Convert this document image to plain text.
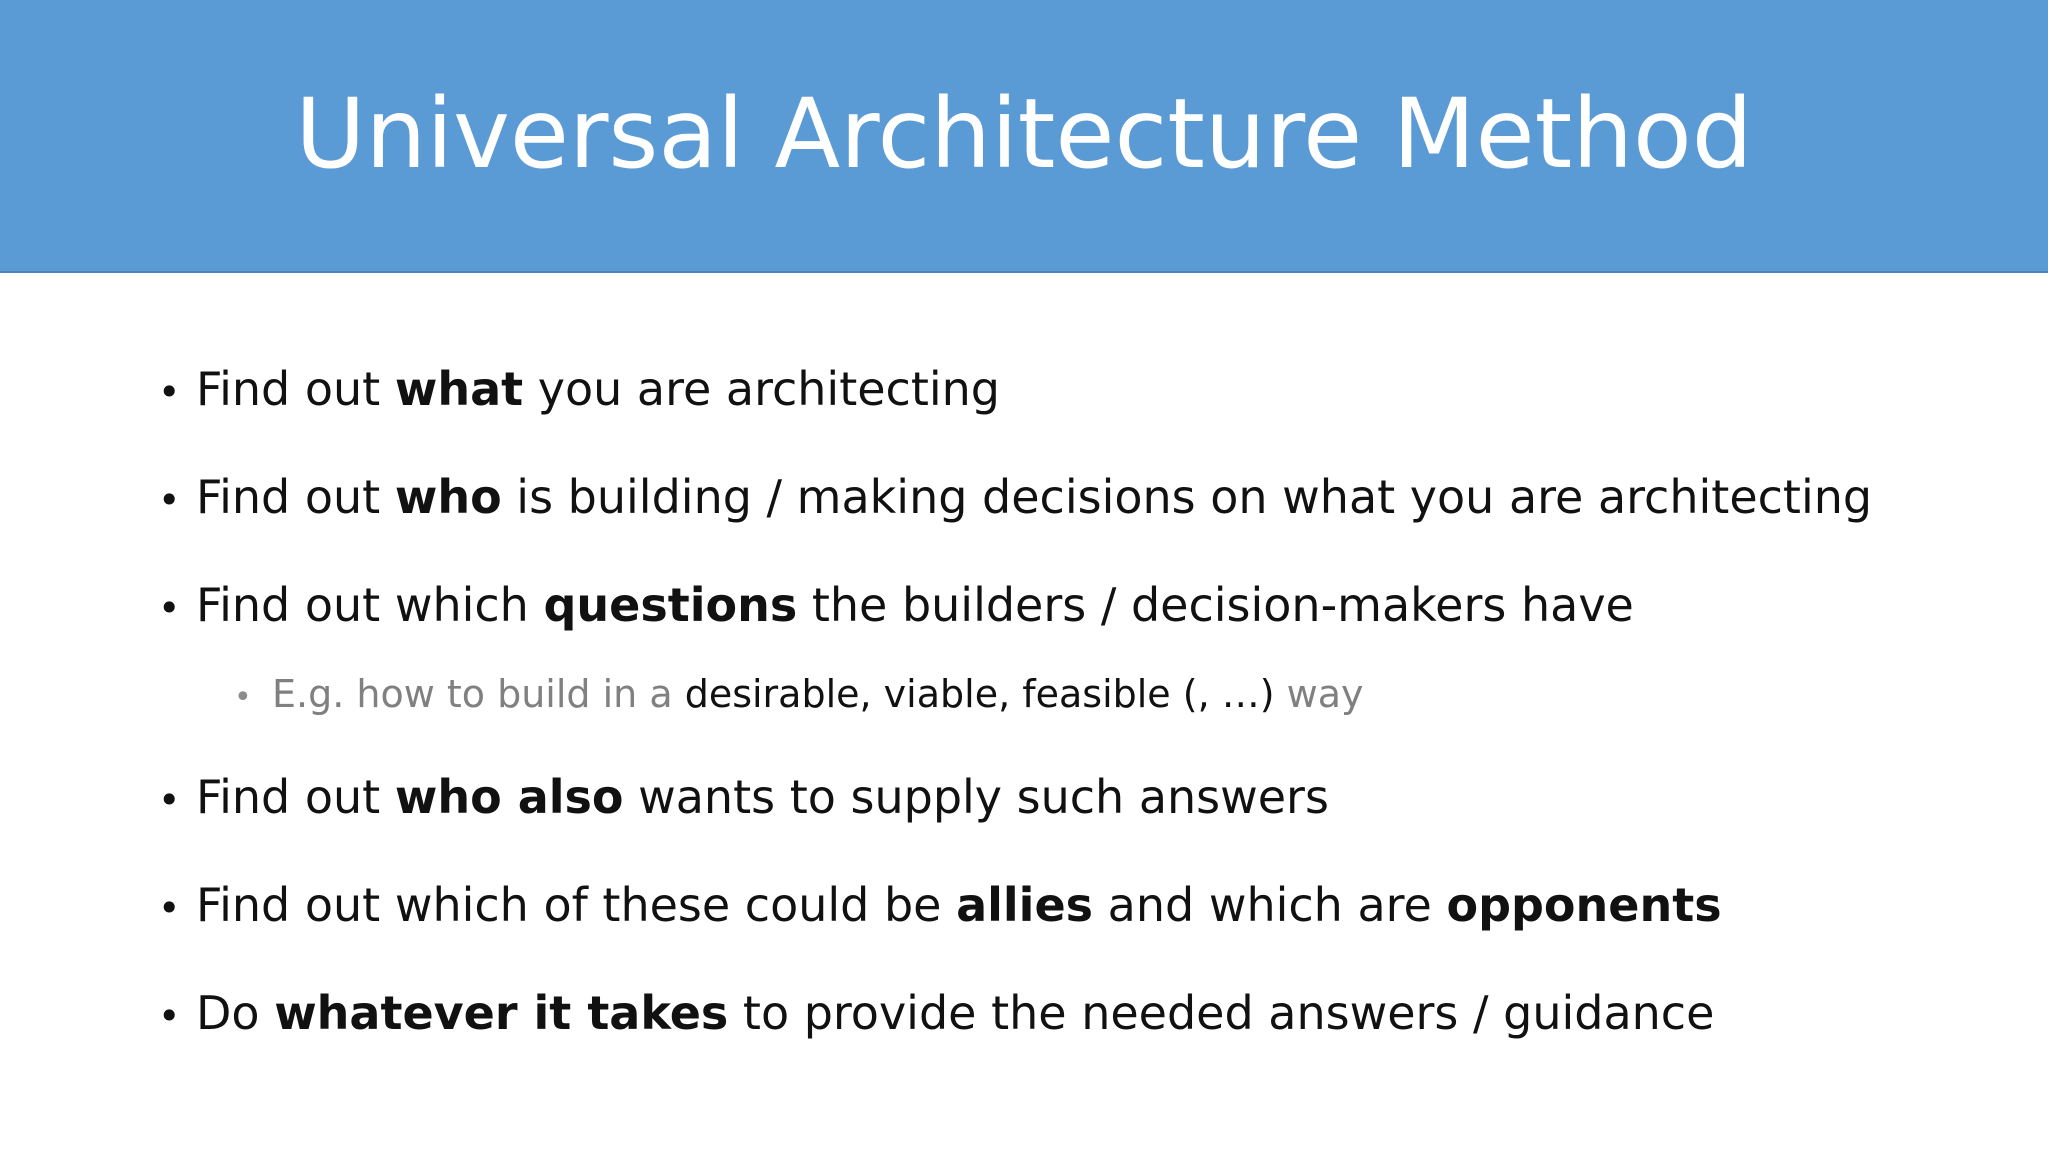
Universal Architecture Method
• Find out what you are architecting
• Find out who is building / making decisions on what you are architecting
• Find out which questions the builders / decision-makers have
• E.g. how to build in a desirable, viable, feasible (, …) way
• Find out who also wants to supply such answers
• Find out which of these could be allies and which are opponents
• Do whatever it takes to provide the needed answers / guidance
